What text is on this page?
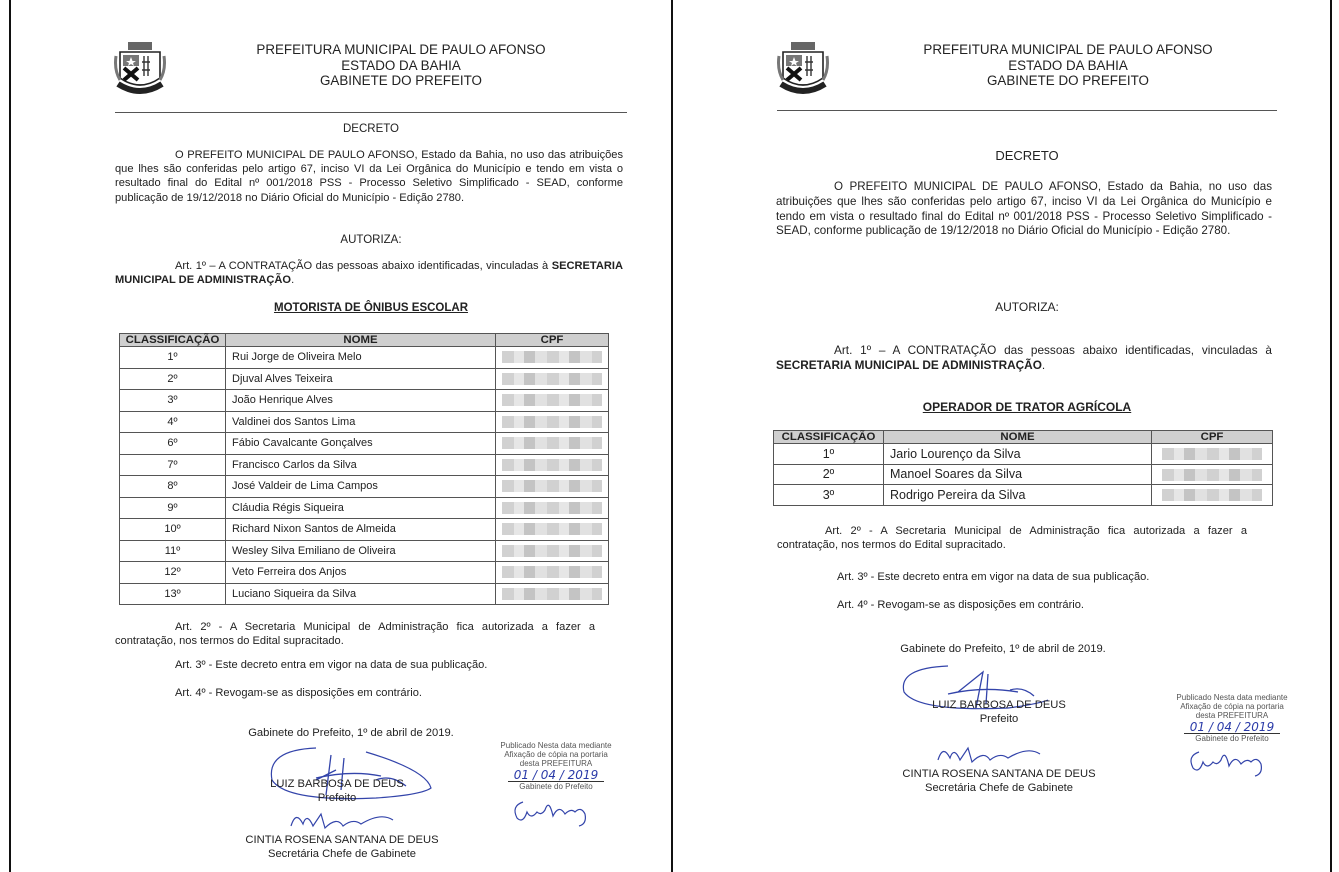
PREFEITURA MUNICIPAL DE PAULO AFONSO
ESTADO DA BAHIA
GABINETE DO PREFEITO
DECRETO
O PREFEITO MUNICIPAL DE PAULO AFONSO, Estado da Bahia, no uso das atribuições que lhes são conferidas pelo artigo 67, inciso VI da Lei Orgânica do Município e tendo em vista o resultado final do Edital nº 001/2018 PSS - Processo Seletivo Simplificado - SEAD, conforme publicação de 19/12/2018 no Diário Oficial do Município - Edição 2780.
AUTORIZA:
Art. 1º – A CONTRATAÇÃO das pessoas abaixo identificadas, vinculadas à SECRETARIA MUNICIPAL DE ADMINISTRAÇÃO.
MOTORISTA DE ÔNIBUS ESCOLAR
CLASSIFICAÇÃO	NOME	CPF
1º	Rui Jorge de Oliveira Melo	
2º	Djuval Alves Teixeira	
3º	João Henrique Alves	
4º	Valdinei dos Santos Lima	
6º	Fábio Cavalcante Gonçalves	
7º	Francisco Carlos da Silva	
8º	José Valdeir de Lima Campos	
9º	Cláudia Régis Siqueira	
10º	Richard Nixon Santos de Almeida	
11º	Wesley Silva Emiliano de Oliveira	
12º	Veto Ferreira dos Anjos	
13º	Luciano Siqueira da Silva	
Art. 2º - A Secretaria Municipal de Administração fica autorizada a fazer a contratação, nos termos do Edital supracitado.
Art. 3º - Este decreto entra em vigor na data de sua publicação.
Art. 4º - Revogam-se as disposições em contrário.
Gabinete do Prefeito, 1º de abril de 2019.
LUIZ BARBOSA DE DEUS
Prefeito
CINTIA ROSENA SANTANA DE DEUS
Secretária Chefe de Gabinete
Publicado Nesta data mediante
Afixação de cópia na portaria
desta PREFEITURA
01 / 04 / 2019
Gabinete do Prefeito
PREFEITURA MUNICIPAL DE PAULO AFONSO
ESTADO DA BAHIA
GABINETE DO PREFEITO
DECRETO
O PREFEITO MUNICIPAL DE PAULO AFONSO, Estado da Bahia, no uso das atribuições que lhes são conferidas pelo artigo 67, inciso VI da Lei Orgânica do Município e tendo em vista o resultado final do Edital nº 001/2018 PSS - Processo Seletivo Simplificado - SEAD, conforme publicação de 19/12/2018 no Diário Oficial do Município - Edição 2780.
AUTORIZA:
Art. 1º – A CONTRATAÇÃO das pessoas abaixo identificadas, vinculadas à SECRETARIA MUNICIPAL DE ADMINISTRAÇÃO.
OPERADOR DE TRATOR AGRÍCOLA
CLASSIFICAÇÃO	NOME	CPF
1º	Jario Lourenço da Silva	
2º	Manoel Soares da Silva	
3º	Rodrigo Pereira da Silva	
Art. 2º - A Secretaria Municipal de Administração fica autorizada a fazer a contratação, nos termos do Edital supracitado.
Art. 3º - Este decreto entra em vigor na data de sua publicação.
Art. 4º - Revogam-se as disposições em contrário.
Gabinete do Prefeito, 1º de abril de 2019.
LUIZ BARBOSA DE DEUS
Prefeito
CINTIA ROSENA SANTANA DE DEUS
Secretária Chefe de Gabinete
Publicado Nesta data mediante
Afixação de cópia na portaria
desta PREFEITURA
01 / 04 / 2019
Gabinete do Prefeito
